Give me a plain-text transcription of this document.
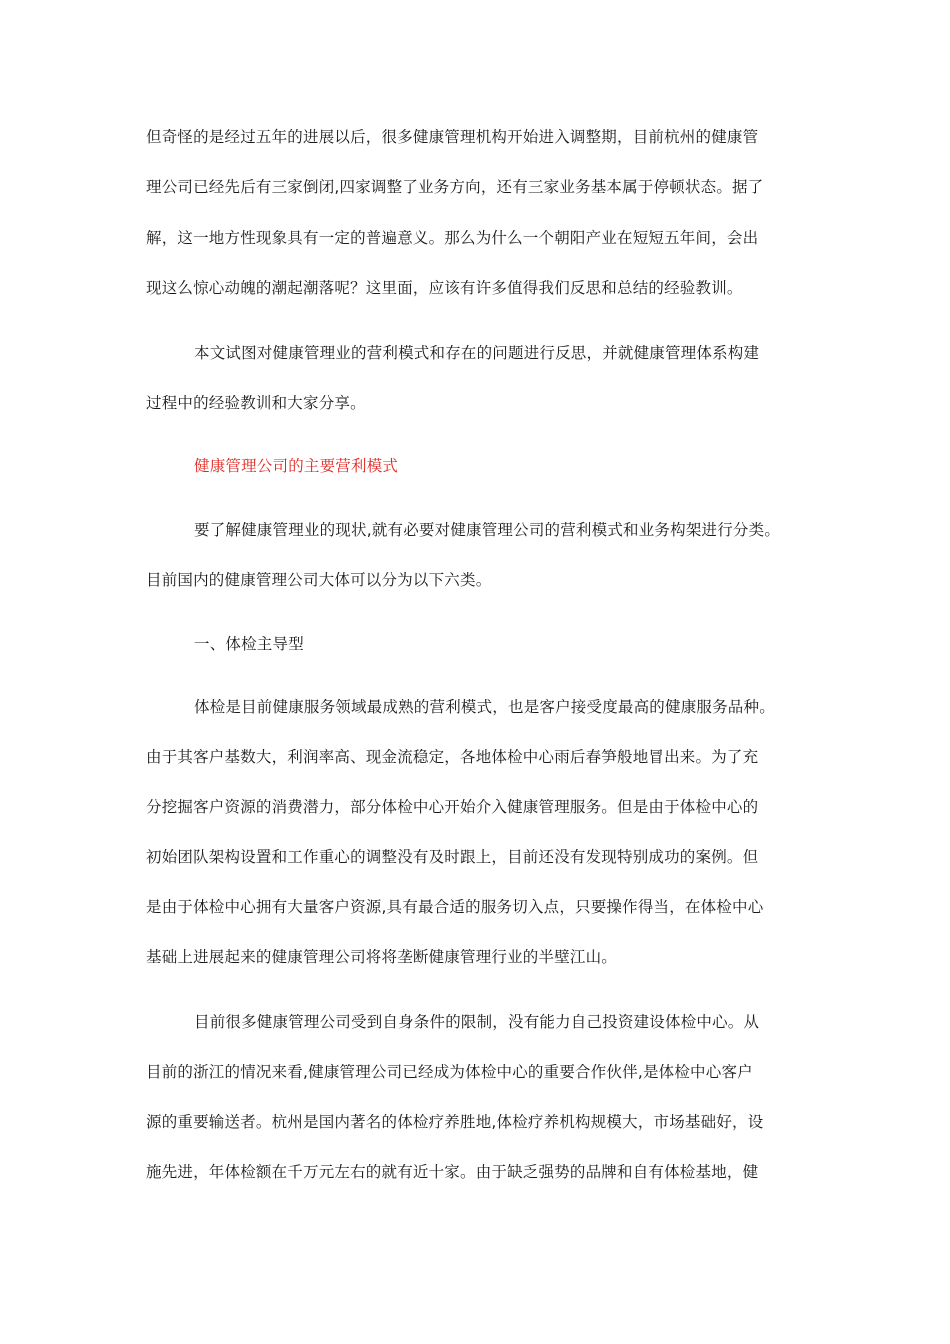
但奇怪的是经过五年的进展以后，很多健康管理机构开始进入调整期，目前杭州的健康管
理公司已经先后有三家倒闭,四家调整了业务方向，还有三家业务基本属于停顿状态。据了
解，这一地方性现象具有一定的普遍意义。那么为什么一个朝阳产业在短短五年间，会出
现这么惊心动魄的潮起潮落呢？这里面，应该有许多值得我们反思和总结的经验教训。
本文试图对健康管理业的营利模式和存在的问题进行反思，并就健康管理体系构建
过程中的经验教训和大家分享。
健康管理公司的主要营利模式
要了解健康管理业的现状,就有必要对健康管理公司的营利模式和业务构架进行分类。
目前国内的健康管理公司大体可以分为以下六类。
一、体检主导型
体检是目前健康服务领域最成熟的营利模式，也是客户接受度最高的健康服务品种。
由于其客户基数大，利润率高、现金流稳定，各地体检中心雨后春笋般地冒出来。为了充
分挖掘客户资源的消费潜力，部分体检中心开始介入健康管理服务。但是由于体检中心的
初始团队架构设置和工作重心的调整没有及时跟上，目前还没有发现特别成功的案例。但
是由于体检中心拥有大量客户资源,具有最合适的服务切入点，只要操作得当，在体检中心
基础上进展起来的健康管理公司将将垄断健康管理行业的半壁江山。
目前很多健康管理公司受到自身条件的限制，没有能力自己投资建设体检中心。从
目前的浙江的情况来看,健康管理公司已经成为体检中心的重要合作伙伴,是体检中心客户
源的重要输送者。杭州是国内著名的体检疗养胜地,体检疗养机构规模大，市场基础好，设
施先进，年体检额在千万元左右的就有近十家。由于缺乏强势的品牌和自有体检基地，健
